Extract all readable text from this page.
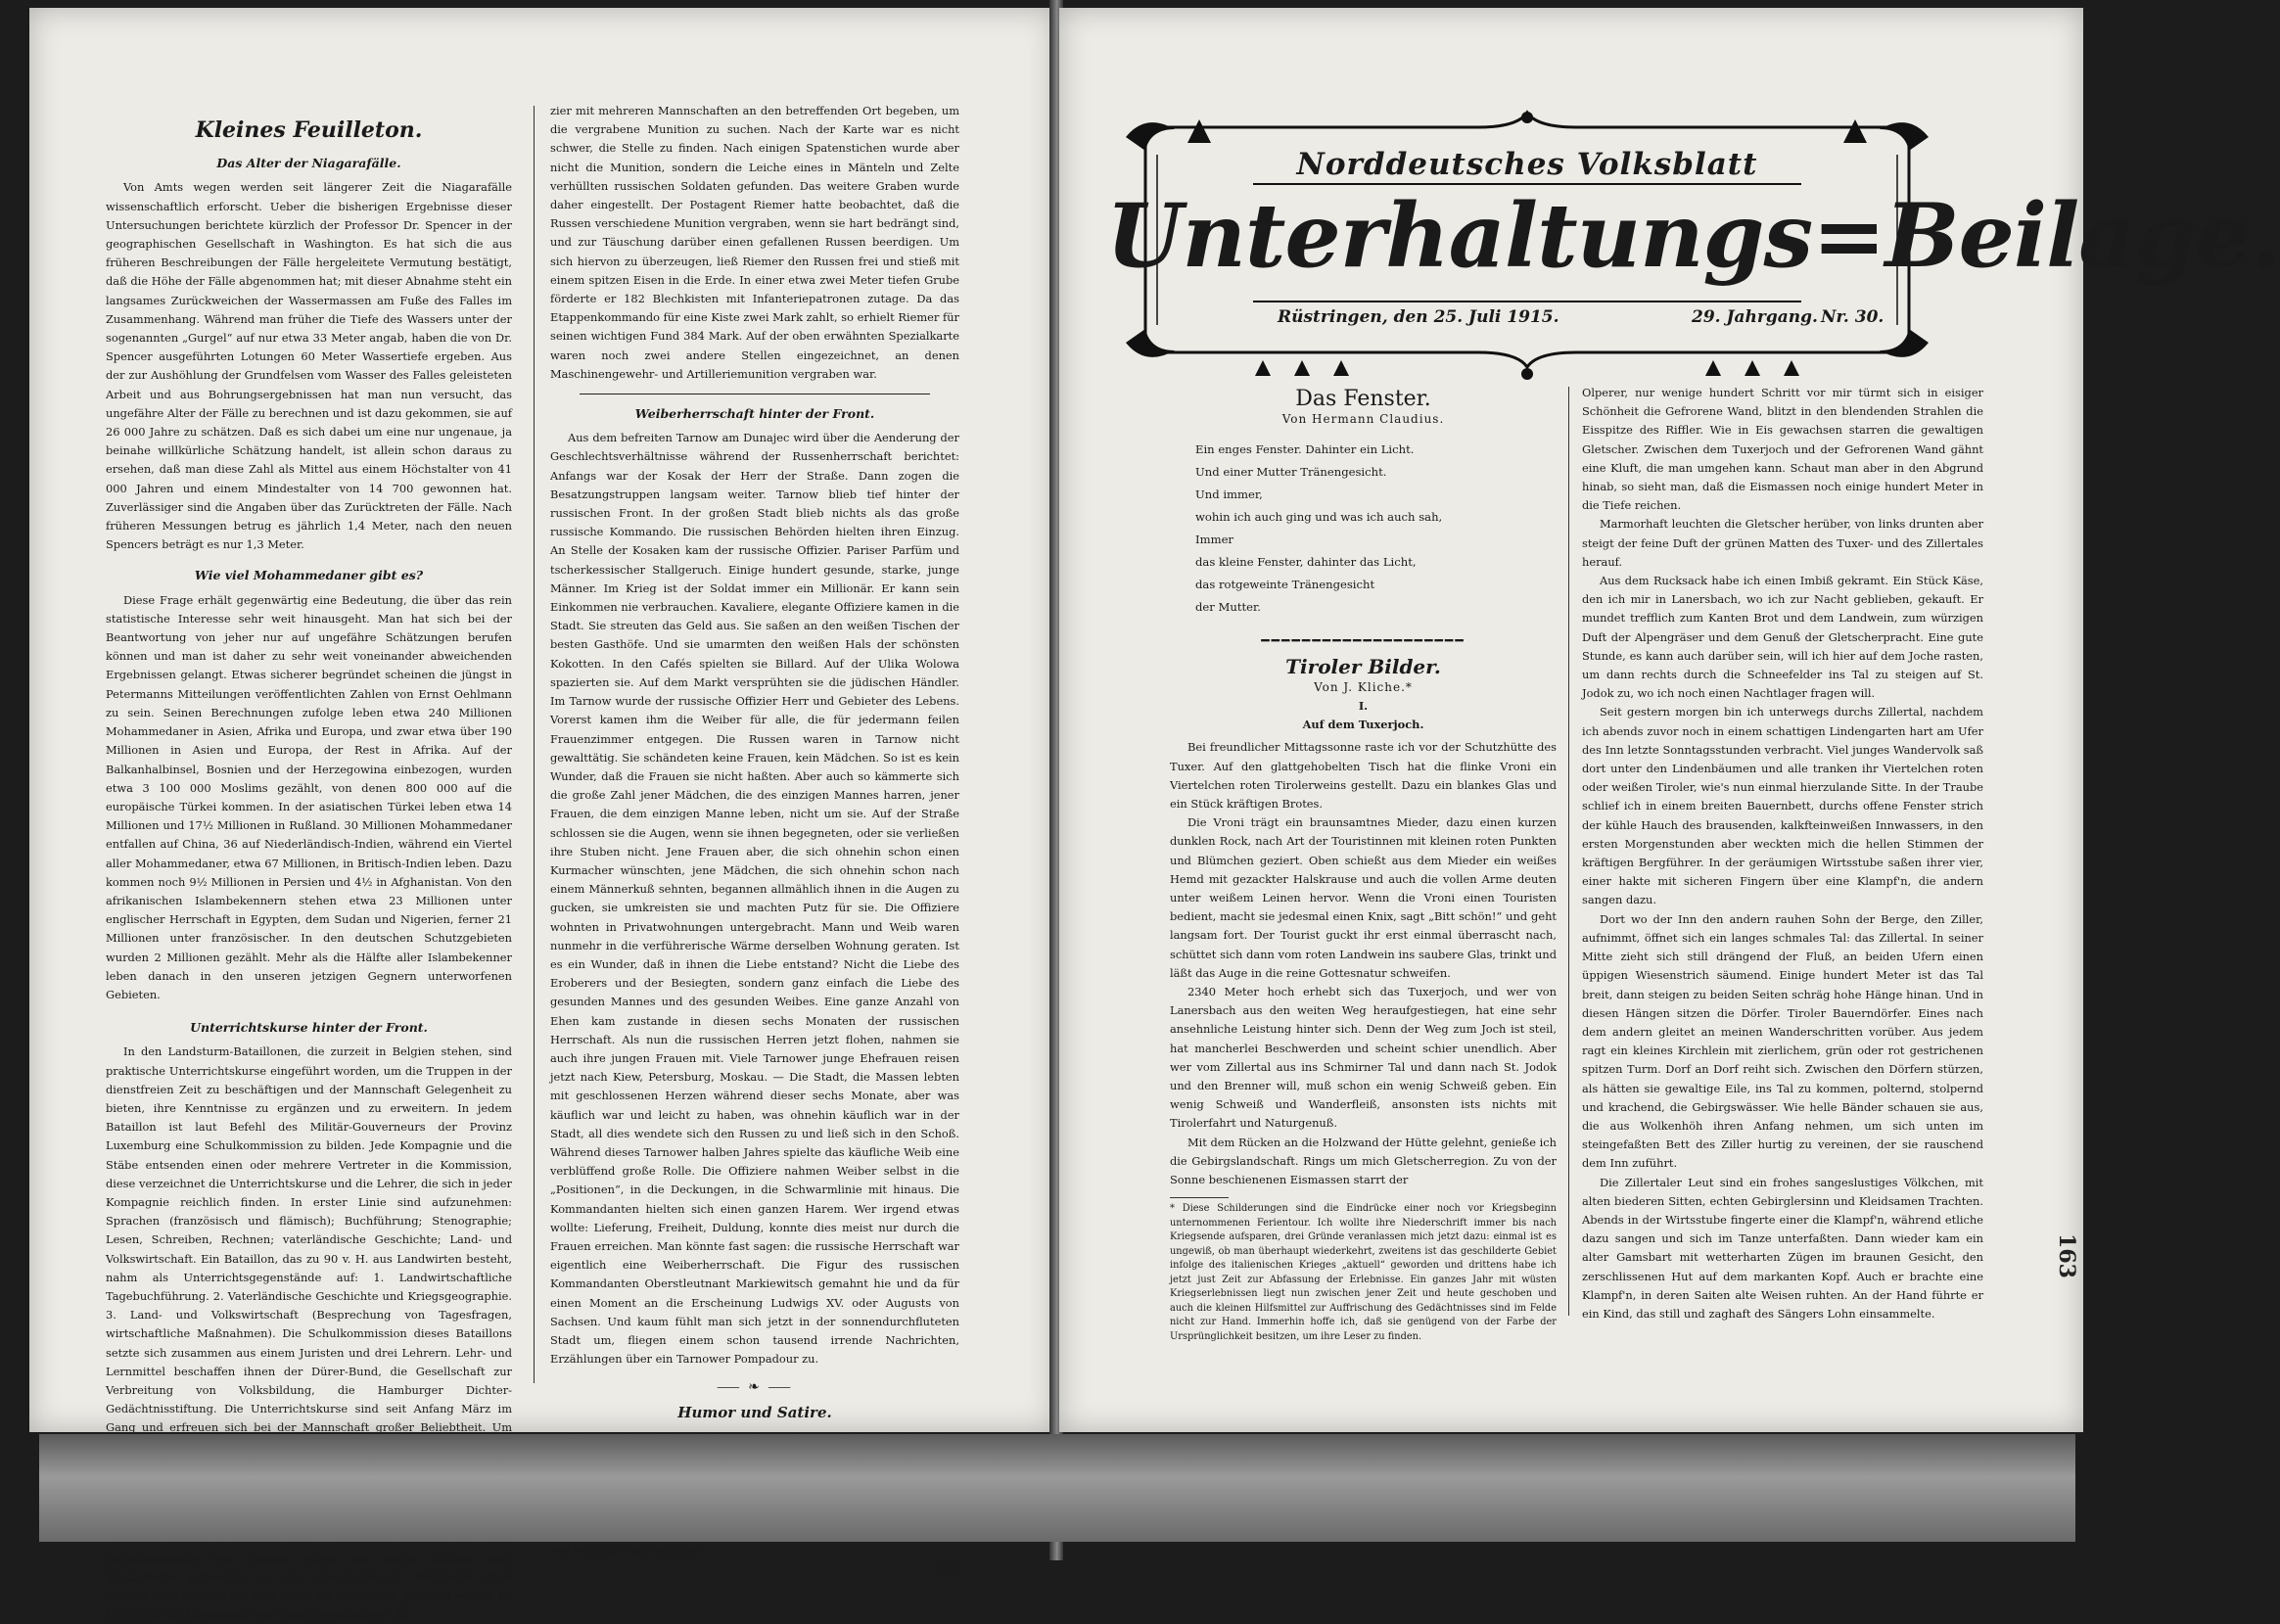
Kleines Feuilleton.
Das Alter der Niagarafälle.

Von Amts wegen werden seit längerer Zeit die Niagarafälle wissenschaftlich erforscht. Ueber die bisherigen Ergebnisse dieser Untersuchungen berichtete kürzlich der Professor Dr. Spencer in der geographischen Gesellschaft in Washington. Es hat sich die aus früheren Beschreibungen der Fälle hergeleitete Vermutung bestätigt, daß die Höhe der Fälle abgenommen hat; mit dieser Abnahme steht ein langsames Zurückweichen der Wassermassen am Fuße des Falles im Zusammenhang. Während man früher die Tiefe des Wassers unter der sogenannten „Gurgel“ auf nur etwa 33 Meter angab, haben die von Dr. Spencer ausgeführten Lotungen 60 Meter Wassertiefe ergeben. Aus der zur Aushöhlung der Grundfelsen vom Wasser des Falles geleisteten Arbeit und aus Bohrungsergebnissen hat man nun versucht, das ungefähre Alter der Fälle zu berechnen und ist dazu gekommen, sie auf 26 000 Jahre zu schätzen. Daß es sich dabei um eine nur ungenaue, ja beinahe willkürliche Schätzung handelt, ist allein schon daraus zu ersehen, daß man diese Zahl als Mittel aus einem Höchstalter von 41 000 Jahren und einem Mindestalter von 14 700 gewonnen hat. Zuverlässiger sind die Angaben über das Zurücktreten der Fälle. Nach früheren Messungen betrug es jährlich 1,4 Meter, nach den neuen Spencers beträgt es nur 1,3 Meter.

Wie viel Mohammedaner gibt es?

Diese Frage erhält gegenwärtig eine Bedeutung, die über das rein statistische Interesse sehr weit hinausgeht. Man hat sich bei der Beantwortung von jeher nur auf ungefähre Schätzungen berufen können und man ist daher zu sehr weit voneinander abweichenden Ergebnissen gelangt. Etwas sicherer begründet scheinen die jüngst in Petermanns Mitteilungen veröffentlichten Zahlen von Ernst Oehlmann zu sein. Seinen Berechnungen zufolge leben etwa 240 Millionen Mohammedaner in Asien, Afrika und Europa, und zwar etwa über 190 Millionen in Asien und Europa, der Rest in Afrika. Auf der Balkanhalbinsel, Bosnien und der Herzegowina einbezogen, wurden etwa 3 100 000 Moslims gezählt, von denen 800 000 auf die europäische Türkei kommen. In der asiatischen Türkei leben etwa 14 Millionen und 17½ Millionen in Rußland. 30 Millionen Mohammedaner entfallen auf China, 36 auf Niederländisch-Indien, während ein Viertel aller Mohammedaner, etwa 67 Millionen, in Britisch-Indien leben. Dazu kommen noch 9½ Millionen in Persien und 4½ in Afghanistan. Von den afrikanischen Islambekennern stehen etwa 23 Millionen unter englischer Herrschaft in Egypten, dem Sudan und Nigerien, ferner 21 Millionen unter französischer. In den deutschen Schutzgebieten wurden 2 Millionen gezählt. Mehr als die Hälfte aller Islambekenner leben danach in den unseren jetzigen Gegnern unterworfenen Gebieten.

Unterrichtskurse hinter der Front.

In den Landsturm-Bataillonen, die zurzeit in Belgien stehen, sind praktische Unterrichtskurse eingeführt worden, um die Truppen in der dienstfreien Zeit zu beschäftigen und der Mannschaft Gelegenheit zu bieten, ihre Kenntnisse zu ergänzen und zu erweitern. In jedem Bataillon ist laut Befehl des Militär-Gouverneurs der Provinz Luxemburg eine Schulkommission zu bilden. Jede Kompagnie und die Stäbe entsenden einen oder mehrere Vertreter in die Kommission, diese verzeichnet die Unterrichtskurse und die Lehrer, die sich in jeder Kompagnie reichlich finden. In erster Linie sind aufzunehmen: Sprachen (französisch und flämisch); Buchführung; Stenographie; Lesen, Schreiben, Rechnen; vaterländische Geschichte; Land- und Volkswirtschaft. Ein Bataillon, das zu 90 v. H. aus Landwirten besteht, nahm als Unterrichtsgegenstände auf: 1. Landwirtschaftliche Tagebuchführung. 2. Vaterländische Geschichte und Kriegsgeographie. 3. Land- und Volkswirtschaft (Besprechung von Tagesfragen, wirtschaftliche Maßnahmen). Die Schulkommission dieses Bataillons setzte sich zusammen aus einem Juristen und drei Lehrern. Lehr- und Lernmittel beschaffen ihnen der Dürer-Bund, die Gesellschaft zur Verbreitung von Volksbildung, die Hamburger Dichter-Gedächtnisstiftung. Die Unterrichtskurse sind seit Anfang März im Gang und erfreuen sich bei der Mannschaft großer Beliebtheit. Um

Gefangennahme von Russen wurde bei einem Offizier eine Spezialkarte gefunden, in der eingezeichnete Merkmale über vergrabene Munition auf dem Felde bei Kaltenborn gemacht waren. Es hatte sich ein Kommando von einem preußischen Offi-

zier mit mehreren Mannschaften an den betreffenden Ort begeben, um die vergrabene Munition zu suchen. Nach der Karte war es nicht schwer, die Stelle zu finden. Nach einigen Spatenstichen wurde aber nicht die Munition, sondern die Leiche eines in Mänteln und Zelte verhüllten russischen Soldaten gefunden. Das weitere Graben wurde daher eingestellt. Der Postagent Riemer hatte beobachtet, daß die Russen verschiedene Munition vergraben, wenn sie hart bedrängt sind, und zur Täuschung darüber einen gefallenen Russen beerdigen. Um sich hiervon zu überzeugen, ließ Riemer den Russen frei und stieß mit einem spitzen Eisen in die Erde. In einer etwa zwei Meter tiefen Grube förderte er 182 Blechkisten mit Infanteriepatronen zutage. Da das Etappenkommando für eine Kiste zwei Mark zahlt, so erhielt Riemer für seinen wichtigen Fund 384 Mark. Auf der oben erwähnten Spezialkarte waren noch zwei andere Stellen eingezeichnet, an denen Maschinengewehr- und Artilleriemunition vergraben war.

Weiberherrschaft hinter der Front.

Aus dem befreiten Tarnow am Dunajec wird über die Aenderung der Geschlechtsverhältnisse während der Russenherrschaft berichtet: Anfangs war der Kosak der Herr der Straße. Dann zogen die Besatzungstruppen langsam weiter. Tarnow blieb tief hinter der russischen Front. In der großen Stadt blieb nichts als das große russische Kommando. Die russischen Behörden hielten ihren Einzug. An Stelle der Kosaken kam der russische Offizier. Pariser Parfüm und tscherkessischer Stallgeruch. Einige hundert gesunde, starke, junge Männer. Im Krieg ist der Soldat immer ein Millionär. Er kann sein Einkommen nie verbrauchen. Kavaliere, elegante Offiziere kamen in die Stadt. Sie streuten das Geld aus. Sie saßen an den weißen Tischen der besten Gasthöfe. Und sie umarmten den weißen Hals der schönsten Kokotten. In den Cafés spielten sie Billard. Auf der Ulika Wolowa spazierten sie. Auf dem Markt versprühten sie die jüdischen Händler. Im Tarnow wurde der russische Offizier Herr und Gebieter des Lebens. Vorerst kamen ihm die Weiber für alle, die für jedermann feilen Frauenzimmer entgegen. Die Russen waren in Tarnow nicht gewalttätig. Sie schändeten keine Frauen, kein Mädchen. So ist es kein Wunder, daß die Frauen sie nicht haßten. Aber auch so kämmerte sich die große Zahl jener Mädchen, die des einzigen Mannes harren, jener Frauen, die dem einzigen Manne leben, nicht um sie. Auf der Straße schlossen sie die Augen, wenn sie ihnen begegneten, oder sie verließen ihre Stuben nicht. Jene Frauen aber, die sich ohnehin schon einen Kurmacher wünschten, jene Mädchen, die sich ohnehin schon nach einem Männerkuß sehnten, begannen allmählich ihnen in die Augen zu gucken, sie umkreisten sie und machten Putz für sie. Die Offiziere wohnten in Privatwohnungen untergebracht. Mann und Weib waren nunmehr in die verführerische Wärme derselben Wohnung geraten. Ist es ein Wunder, daß in ihnen die Liebe entstand? Nicht die Liebe des Eroberers und der Besiegten, sondern ganz einfach die Liebe des gesunden Mannes und des gesunden Weibes. Eine ganze Anzahl von Ehen kam zustande in diesen sechs Monaten der russischen Herrschaft. Als nun die russischen Herren jetzt flohen, nahmen sie auch ihre jungen Frauen mit. Viele Tarnower junge Ehefrauen reisen jetzt nach Kiew, Petersburg, Moskau. — Die Stadt, die Massen lebten mit geschlossenen Herzen während dieser sechs Monate, aber was käuflich war und leicht zu haben, was ohnehin käuflich war in der Stadt, all dies wendete sich den Russen zu und ließ sich in den Schoß. Während dieses Tarnower halben Jahres spielte das käufliche Weib eine verblüffend große Rolle. Die Offiziere nahmen Weiber selbst in die „Positionen“, in die Deckungen, in die Schwarmlinie mit hinaus. Die Kommandanten hielten sich einen ganzen Harem. Wer irgend etwas wollte: Lieferung, Freiheit, Duldung, konnte dies meist nur durch die Frauen erreichen. Man könnte fast sagen: die russische Herrschaft war eigentlich eine Weiberherrschaft. Die Figur des russischen Kommandanten Oberstleutnant Markiewitsch gemahnt hie und da für einen Moment an die Erscheinung Ludwigs XV. oder Augusts von Sachsen. Und kaum fühlt man sich jetzt in der sonnendurchfluteten Stadt um, fliegen einem schon tausend irrende Nachrichten, Erzählungen über ein Tarnower Pompadour zu.

⸺ ❧ ⸺
Humor und Satire.

von weitem sehen können!“

(Ul.)
Norddeutsches Volksblatt
Unterhaltungs=Beilage.
Rüstringen, den 25. Juli 1915.	29. Jahrgang. Nr. 30.
Das Fenster.
Von Hermann Claudius.
Ein enges Fenster. Dahinter ein Licht.
Und einer Mutter Tränengesicht.
Und immer,
wohin ich auch ging und was ich auch sah,
Immer
das kleine Fenster, dahinter das Licht,
das rotgeweinte Tränengesicht
der Mutter.
━━━━━━━━━━━━━━━━━━━━
Tiroler Bilder.
Von J. Kliche.*
I.
Auf dem Tuxerjoch.

Bei freundlicher Mittagssonne raste ich vor der Schutzhütte des Tuxer. Auf den glattgehobelten Tisch hat die flinke Vroni ein Viertelchen roten Tirolerweins gestellt. Dazu ein blankes Glas und ein Stück kräftigen Brotes.

Die Vroni trägt ein braunsamtnes Mieder, dazu einen kurzen dunklen Rock, nach Art der Touristinnen mit kleinen roten Punkten und Blümchen geziert. Oben schießt aus dem Mieder ein weißes Hemd mit gezackter Halskrause und auch die vollen Arme deuten unter weißem Leinen hervor. Wenn die Vroni einen Touristen bedient, macht sie jedesmal einen Knix, sagt „Bitt schön!“ und geht langsam fort. Der Tourist guckt ihr erst einmal überrascht nach, schüttet sich dann vom roten Landwein ins saubere Glas, trinkt und läßt das Auge in die reine Gottesnatur schweifen.

2340 Meter hoch erhebt sich das Tuxerjoch, und wer von Lanersbach aus den weiten Weg heraufgestiegen, hat eine sehr ansehnliche Leistung hinter sich. Denn der Weg zum Joch ist steil, hat mancherlei Beschwerden und scheint schier unendlich. Aber wer vom Zillertal aus ins Schmirner Tal und dann nach St. Jodok und den Brenner will, muß schon ein wenig Schweiß geben. Ein wenig Schweiß und Wanderfleiß, ansonsten ists nichts mit Tirolerfahrt und Naturgenuß.

Mit dem Rücken an die Holzwand der Hütte gelehnt, genieße ich die Gebirgslandschaft. Rings um mich Gletscherregion. Zu von der Sonne beschienenen Eismassen starrt der

* Diese Schilderungen sind die Eindrücke einer noch vor Kriegsbeginn unternommenen Ferientour. Ich wollte ihre Niederschrift immer bis nach Kriegsende aufsparen, drei Gründe veranlassen mich jetzt dazu: einmal ist es ungewiß, ob man überhaupt wiederkehrt, zweitens ist das geschilderte Gebiet infolge des italienischen Krieges „aktuell“ geworden und drittens habe ich jetzt just Zeit zur Abfassung der Erlebnisse. Ein ganzes Jahr mit wüsten Kriegserlebnissen liegt nun zwischen jener Zeit und heute geschoben und auch die kleinen Hilfsmittel zur Auffrischung des Gedächtnisses sind im Felde nicht zur Hand. Immerhin hoffe ich, daß sie genügend von der Farbe der Ursprünglichkeit besitzen, um ihre Leser zu finden.

Olperer, nur wenige hundert Schritt vor mir türmt sich in eisiger Schönheit die Gefrorene Wand, blitzt in den blendenden Strahlen die Eisspitze des Riffler. Wie in Eis gewachsen starren die gewaltigen Gletscher. Zwischen dem Tuxerjoch und der Gefrorenen Wand gähnt eine Kluft, die man umgehen kann. Schaut man aber in den Abgrund hinab, so sieht man, daß die Eismassen noch einige hundert Meter in die Tiefe reichen.

Marmorhaft leuchten die Gletscher herüber, von links drunten aber steigt der feine Duft der grünen Matten des Tuxer- und des Zillertales herauf.

Aus dem Rucksack habe ich einen Imbiß gekramt. Ein Stück Käse, den ich mir in Lanersbach, wo ich zur Nacht geblieben, gekauft. Er mundet trefflich zum Kanten Brot und dem Landwein, zum würzigen Duft der Alpengräser und dem Genuß der Gletscherpracht. Eine gute Stunde, es kann auch darüber sein, will ich hier auf dem Joche rasten, um dann rechts durch die Schneefelder ins Tal zu steigen auf St. Jodok zu, wo ich noch einen Nachtlager fragen will.

Seit gestern morgen bin ich unterwegs durchs Zillertal, nachdem ich abends zuvor noch in einem schattigen Lindengarten hart am Ufer des Inn letzte Sonntagsstunden verbracht. Viel junges Wandervolk saß dort unter den Lindenbäumen und alle tranken ihr Viertelchen roten oder weißen Tiroler, wie's nun einmal hierzulande Sitte. In der Traube schlief ich in einem breiten Bauernbett, durchs offene Fenster strich der kühle Hauch des brausenden, kalkfteinweißen Innwassers, in den ersten Morgenstunden aber weckten mich die hellen Stimmen der kräftigen Bergführer. In der geräumigen Wirtsstube saßen ihrer vier, einer hakte mit sicheren Fingern über eine Klampf'n, die andern sangen dazu.

Dort wo der Inn den andern rauhen Sohn der Berge, den Ziller, aufnimmt, öffnet sich ein langes schmales Tal: das Zillertal. In seiner Mitte zieht sich still drängend der Fluß, an beiden Ufern einen üppigen Wiesenstrich säumend. Einige hundert Meter ist das Tal breit, dann steigen zu beiden Seiten schräg hohe Hänge hinan. Und in diesen Hängen sitzen die Dörfer. Tiroler Bauerndörfer. Eines nach dem andern gleitet an meinen Wanderschritten vorüber. Aus jedem ragt ein kleines Kirchlein mit zierlichem, grün oder rot gestrichenen spitzen Turm. Dorf an Dorf reiht sich. Zwischen den Dörfern stürzen, als hätten sie gewaltige Eile, ins Tal zu kommen, polternd, stolpernd und krachend, die Gebirgswässer. Wie helle Bänder schauen sie aus, die aus Wolkenhöh ihren Anfang nehmen, um sich unten im steingefaßten Bett des Ziller hurtig zu vereinen, der sie rauschend dem Inn zuführt.

Die Zillertaler Leut sind ein frohes sangeslustiges Völkchen, mit alten biederen Sitten, echten Gebirglersinn und Kleidsamen Trachten. Abends in der Wirtsstube fingerte einer die Klampf'n, während etliche dazu sangen und sich im Tanze unterfaßten. Dann wieder kam ein alter Gamsbart mit wetterharten Zügen im braunen Gesicht, den zerschlissenen Hut auf dem markanten Kopf. Auch er brachte eine Klampf'n, in deren Saiten alte Weisen ruhten. An der Hand führte er ein Kind, das still und zaghaft des Sängers Lohn einsammelte.

163
